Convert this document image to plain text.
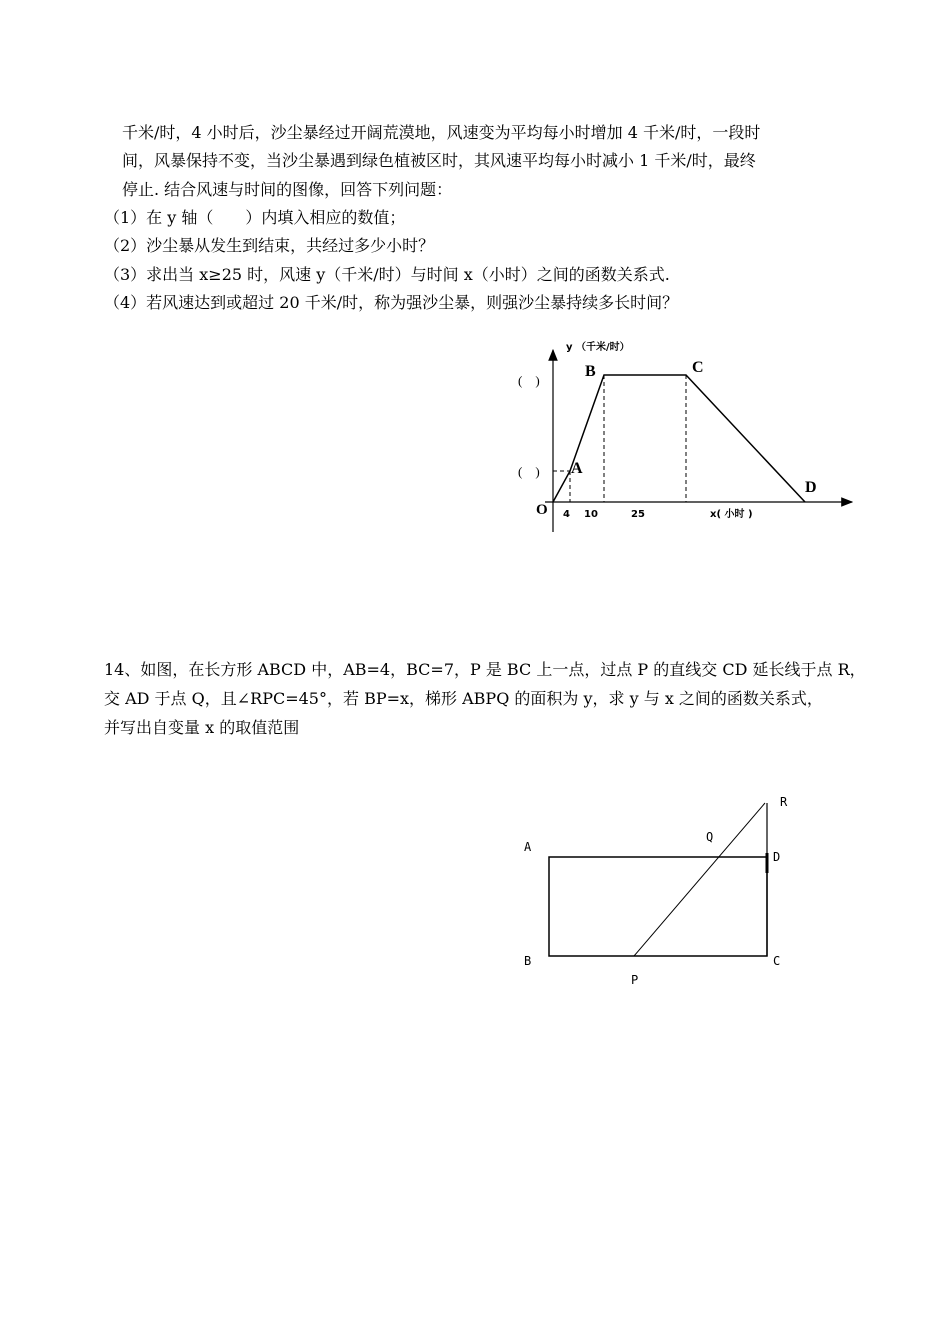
千米/时，4 小时后，沙尘暴经过开阔荒漠地，风速变为平均每小时增加 4 千米/时，一段时
间，风暴保持不变，当沙尘暴遇到绿色植被区时，其风速平均每小时减小 1 千米/时，最终
停止. 结合风速与时间的图像，回答下列问题：
（1）在 y 轴（　　）内填入相应的数值；
（2）沙尘暴从发生到结束，共经过多少小时？
（3）求出当 x≥25 时，风速 y（千米/时）与时间 x（小时）之间的函数关系式.
（4）若风速达到或超过 20 千米/时，称为强沙尘暴，则强沙尘暴持续多长时间？
y （千米/时）
x( 小时 )
O
(　)
(　)
4 10	25
A
B	C
D
14、如图，在长方形 ABCD 中，AB=4，BC=7，P 是 BC 上一点，过点 P 的直线交 CD 延长线于点 R，
交 AD 于点 Q，且∠RPC=45°，若 BP=x，梯形 ABPQ 的面积为 y，求 y 与 x 之间的函数关系式，
并写出自变量 x 的取值范围
A
B	C
D
P
Q
R
